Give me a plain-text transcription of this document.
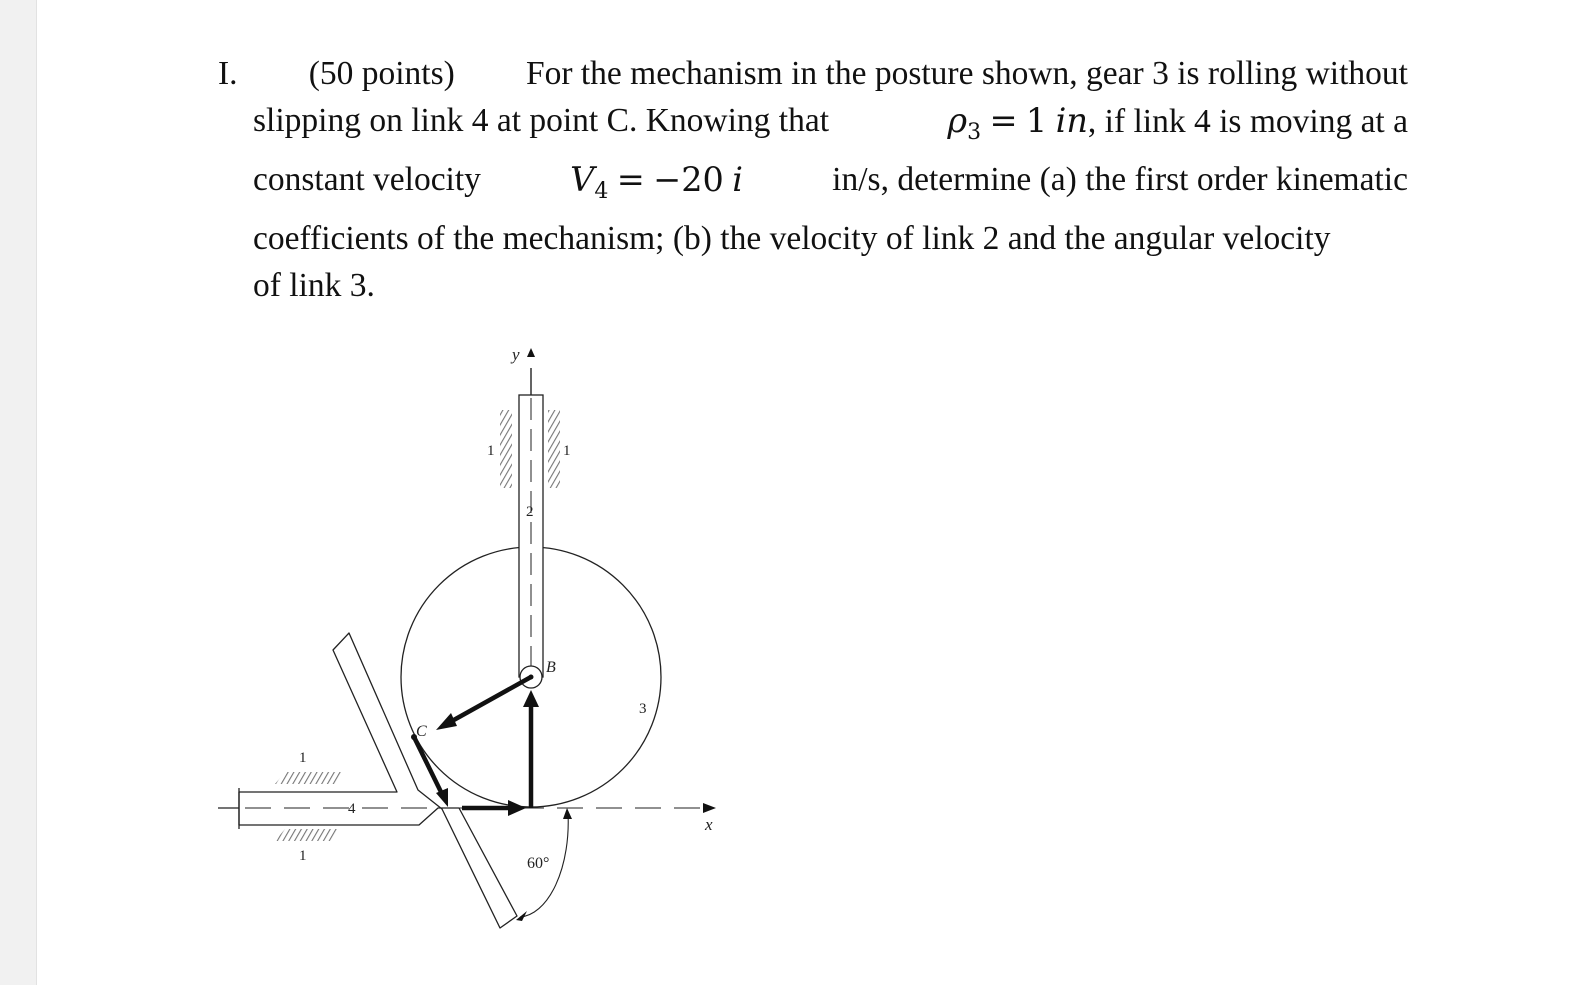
I. (50 points) For the mechanism in the posture shown, gear 3 is rolling without
slipping on link 4 at point C. Knowing that	$\rho_3 = 1$ in, if link 4 is moving at a
constant velocity	$V_4 = -20$ i	in/s, determine (a) the first order kinematic
coefficients of the mechanism; (b) the velocity of link 2 and the angular velocity
of link 3.
y
1	1
2
B
3
4
1
1
x
C
60°
